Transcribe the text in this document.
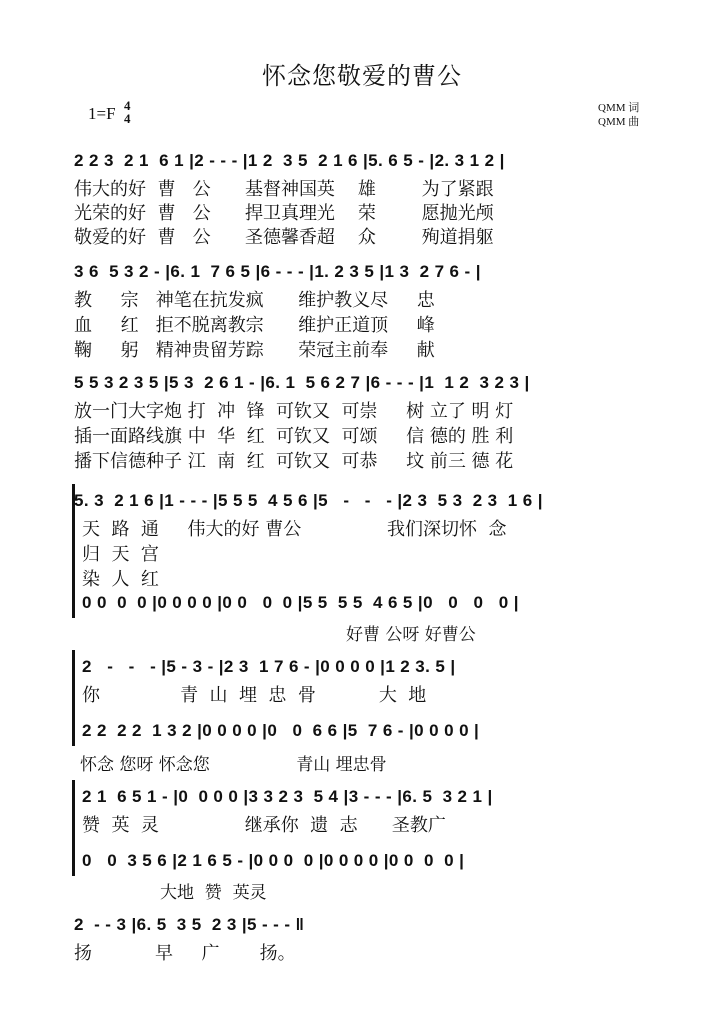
怀念您敬爱的曹公
1=F 4
4
QMM 词
QMM 曲
2 2 3  2 1  6 1 |2 - - - |1 2  3 5  2 1 6 |5. 6 5 - |2. 3 1 2 |
伟大的好  曹   公      基督神国英    雄        为了紧跟
光荣的好  曹   公      捍卫真理光    荣        愿抛光颅
敬爱的好  曹   公      圣德馨香超    众        殉道捐躯
3 6  5 3 2 - |6. 1  7 6 5 |6 - - - |1. 2 3 5 |1 3  2 7 6 - |
教     宗   神笔在抗发疯      维护教义尽     忠
血     红   拒不脱离教宗      维护正道顶     峰
鞠     躬   精神贵留芳踪      荣冠主前奉     献
5 5 3 2 3 5 |5 3  2 6 1 - |6. 1  5 6 2 7 |6 - - - |1  1 2  3 2 3 |
放一门大字炮 打  冲  锋  可钦又  可崇     树 立了 明 灯
插一面路线旗 中  华  红  可钦又  可颂     信 德的 胜 利
播下信德种子 江  南  红  可钦又  可恭     坟 前三 德 花
5. 3  2 1 6 |1 - - - |5 5 5  4 5 6 |5   -   -   - |2 3  5 3  2 3  1 6 |
天  路  通     伟大的好 曹公               我们深切怀  念
归  天  宫
染  人  红
0 0  0  0 |0 0 0 0 |0 0   0  0 |5 5  5 5  4 6 5 |0   0   0   0 |
好曹 公呀 好曹公
2   -   -   - |5 - 3 - |2 3  1 7 6 - |0 0 0 0 |1 2 3. 5 |
你              青  山  埋  忠  骨           大  地
2 2  2 2  1 3 2 |0 0 0 0 |0   0  6 6 |5  7 6 - |0 0 0 0 |
怀念 您呀 怀念您                青山 埋忠骨
2 1  6 5 1 - |0  0 0 0 |3 3 2 3  5 4 |3 - - - |6. 5  3 2 1 |
赞  英  灵               继承你  遗  志      圣教广
0   0  3 5 6 |2 1 6 5 - |0 0 0  0 |0 0 0 0 |0 0  0  0 |
大地  赞  英灵
2  - - 3 |6. 5  3 5  2 3 |5 - - - ‖
扬           早     广       扬。
